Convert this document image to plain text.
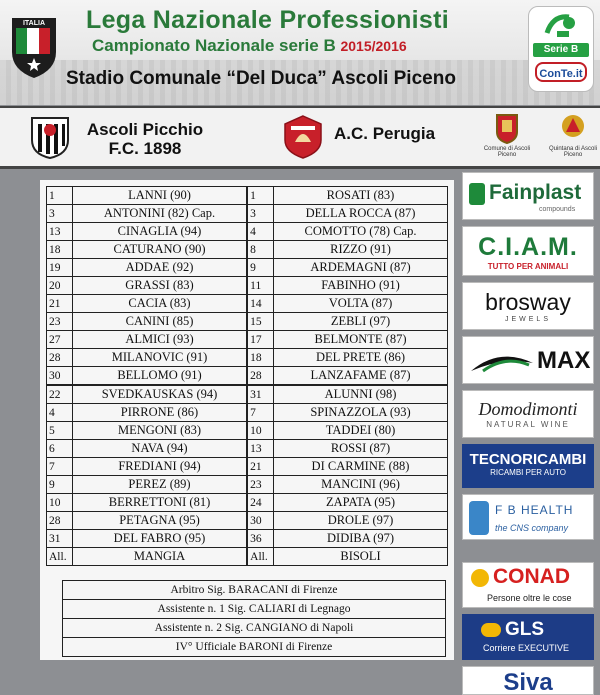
ITALIA Lega Nazionale Professionisti
Campionato Nazionale serie B 2015/2016
Stadio Comunale “Del Duca” Ascoli Piceno
Serie B
ConTe.it
Ascoli Picchio
F.C. 1898
A.C. Perugia
Comune di Ascoli Piceno
Quintana di Ascoli Piceno
1	LANNI (90)		1	ROSATI (83)
3	ANTONINI (82) Cap.		3	DELLA ROCCA (87)
13	CINAGLIA (94)		4	COMOTTO (78) Cap.
18	CATURANO (90)		8	RIZZO (91)
19	ADDAE (92)		9	ARDEMAGNI (87)
20	GRASSI (83)		11	FABINHO (91)
21	CACIA (83)		14	VOLTA (87)
23	CANINI (85)		15	ZEBLI (97)
27	ALMICI (93)		17	BELMONTE (87)
28	MILANOVIC (91)		18	DEL PRETE (86)
30	BELLOMO (91)		28	LANZAFAME (87)
22	SVEDKAUSKAS (94)		31	ALUNNI (98)
4	PIRRONE (86)		7	SPINAZZOLA (93)
5	MENGONI (83)		10	TADDEI (80)
6	NAVA (94)		13	ROSSI (87)
7	FREDIANI (94)		21	DI CARMINE (88)
9	PEREZ (89)		23	MANCINI (96)
10	BERRETTONI (81)		24	ZAPATA (95)
28	PETAGNA (95)		30	DROLE (97)
31	DEL FABRO (95)		36	DIDIBA (97)
All.	MANGIA		All.	BISOLI
Arbitro Sig. BARACANI di Firenze
Assistente n. 1 Sig. CALIARI di Legnago
Assistente n. 2 Sig. CANGIANO di Napoli
IV° Ufficiale BARONI di Firenze
Fainplast
compounds
C.I.A.M.
TUTTO PER ANIMALI
brosway
JEWELS
MAX
Domodimonti
NATURAL WINE
TECNORICAMBI
RICAMBI PER AUTO
F B HEALTH
the CNS company
CONAD
Persone oltre le cose
GLS
Corriere EXECUTIVE
Siva
